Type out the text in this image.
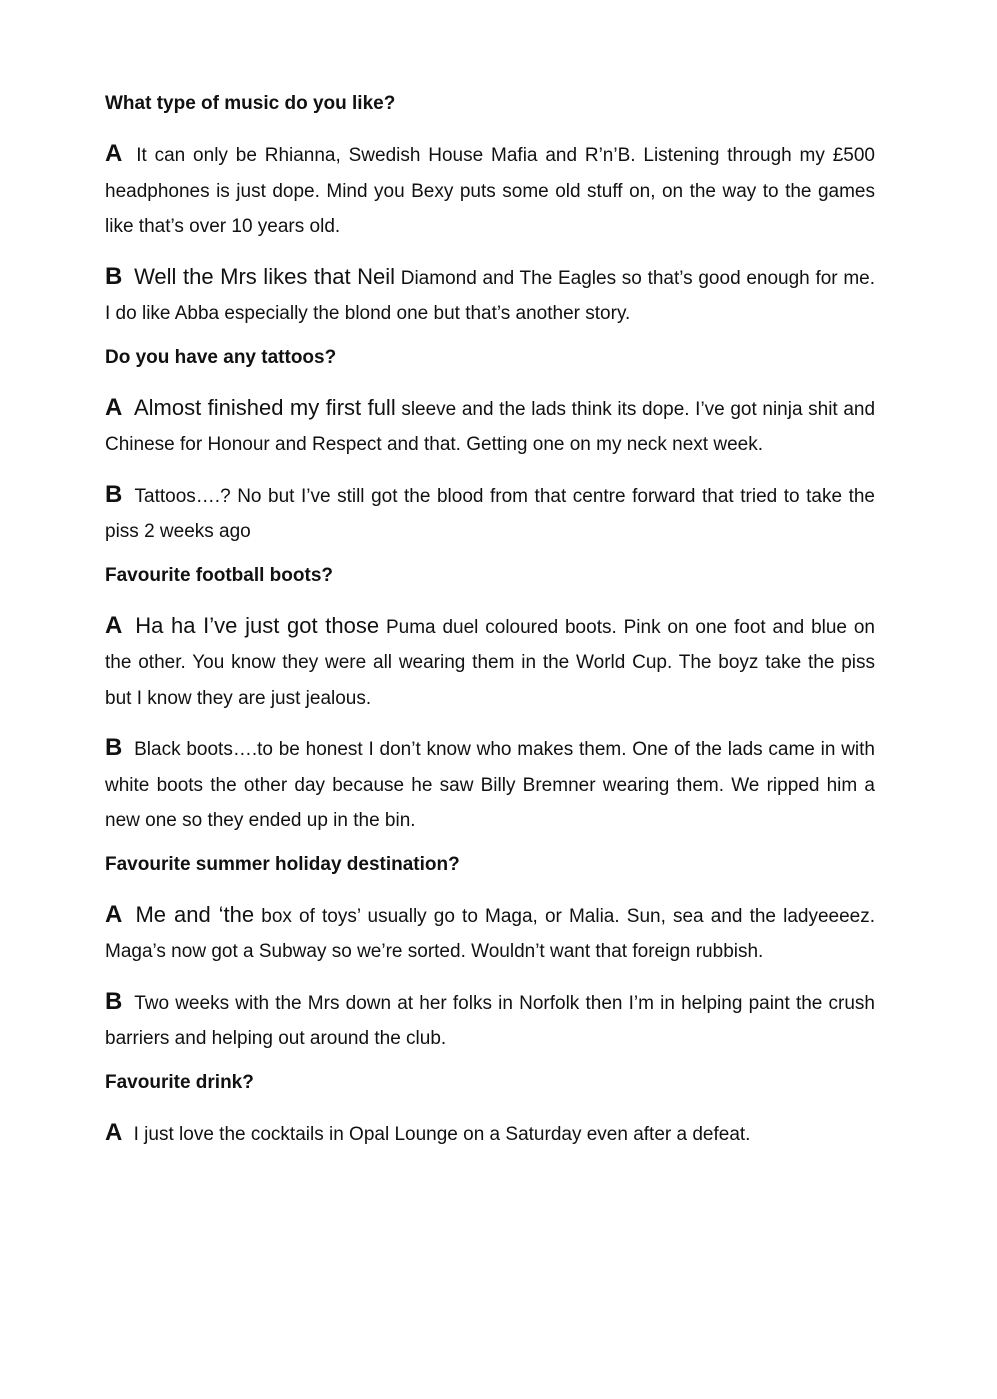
What type of music do you like?

A It can only be Rhianna, Swedish House Mafia and R’n’B. Listening through my £500 headphones is just dope. Mind you Bexy puts some old stuff on, on the way to the games like that’s over 10 years old.

B Well the Mrs likes that Neil Diamond and The Eagles so that’s good enough for me. I do like Abba especially the blond one but that’s another story.

Do you have any tattoos?

A Almost finished my first full sleeve and the lads think its dope. I’ve got ninja shit and Chinese for Honour and Respect and that. Getting one on my neck next week.

B Tattoos….? No but I’ve still got the blood from that centre forward that tried to take the piss 2 weeks ago

Favourite football boots?

A Ha ha I’ve just got those Puma duel coloured boots. Pink on one foot and blue on the other. You know they were all wearing them in the World Cup. The boyz take the piss but I know they are just jealous.

B Black boots….to be honest I don’t know who makes them. One of the lads came in with white boots the other day because he saw Billy Bremner wearing them. We ripped him a new one so they ended up in the bin.

Favourite summer holiday destination?

A Me and ‘the box of toys’ usually go to Maga, or Malia. Sun, sea and the ladyeeeez. Maga’s now got a Subway so we’re sorted. Wouldn’t want that foreign rubbish.

B Two weeks with the Mrs down at her folks in Norfolk then I’m in helping paint the crush barriers and helping out around the club.

Favourite drink?

A I just love the cocktails in Opal Lounge on a Saturday even after a defeat.
